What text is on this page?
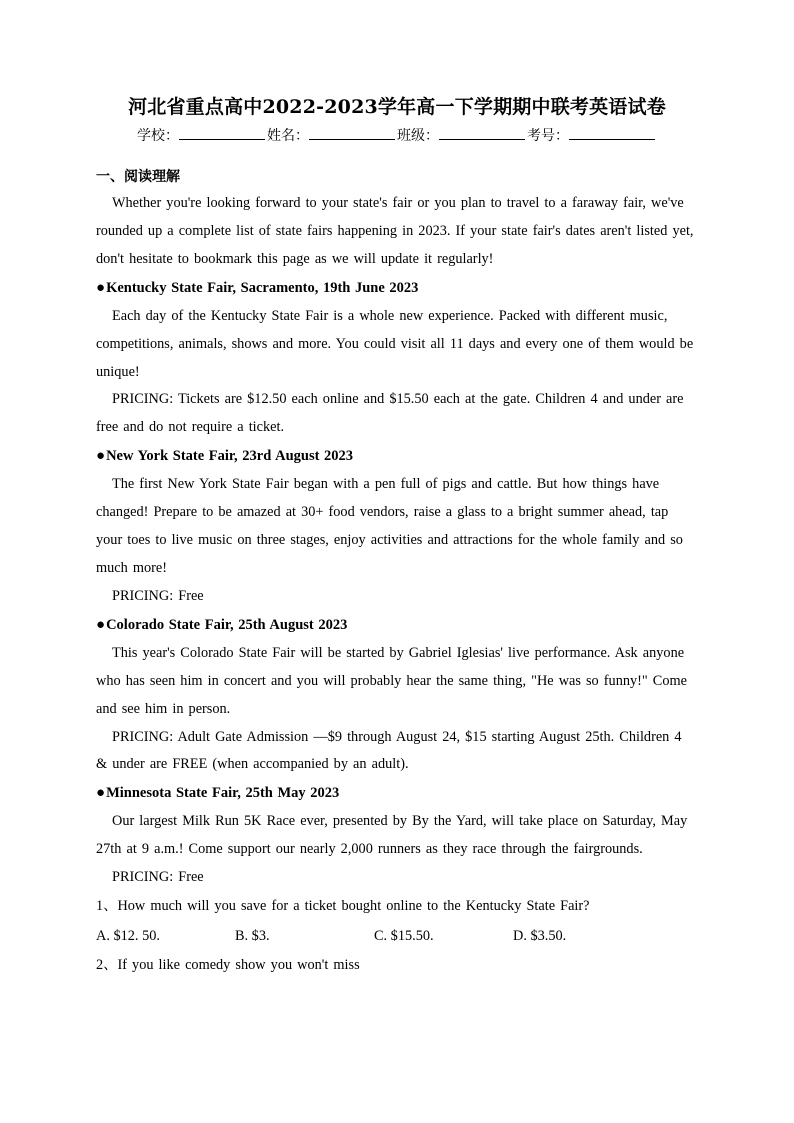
河北省重点高中2022-2023学年高一下学期期中联考英语试卷
学校：	姓名：	班级：	考号：
一、阅读理解

Whether you're looking forward to your state's fair or you plan to travel to a faraway fair, we've rounded up a complete list of state fairs happening in 2023. If your state fair's dates aren't listed yet, don't hesitate to bookmark this page as we will update it regularly!

●Kentucky State Fair, Sacramento, 19th June 2023

Each day of the Kentucky State Fair is a whole new experience. Packed with different music, competitions, animals, shows and more. You could visit all 11 days and every one of them would be unique!

PRICING: Tickets are $12.50 each online and $15.50 each at the gate. Children 4 and under are free and do not require a ticket.

●New York State Fair, 23rd August 2023

The first New York State Fair began with a pen full of pigs and cattle. But how things have changed! Prepare to be amazed at 30+ food vendors, raise a glass to a bright summer ahead, tap your toes to live music on three stages, enjoy activities and attractions for the whole family and so much more!

PRICING: Free

●Colorado State Fair, 25th August 2023

This year's Colorado State Fair will be started by Gabriel Iglesias' live performance. Ask anyone who has seen him in concert and you will probably hear the same thing, "He was so funny!" Come and see him in person.

PRICING: Adult Gate Admission —$9 through August 24, $15 starting August 25th. Children 4 & under are FREE (when accompanied by an adult).

●Minnesota State Fair, 25th May 2023

Our largest Milk Run 5K Race ever, presented by By the Yard, will take place on Saturday, May 27th at 9 a.m.! Come support our nearly 2,000 runners as they race through the fairgrounds.

PRICING: Free

1、How much will you save for a ticket bought online to the Kentucky State Fair?

A. $12. 50.	B. $3.	C. $15.50.	D. $3.50.

2、If you like comedy show you won't miss
